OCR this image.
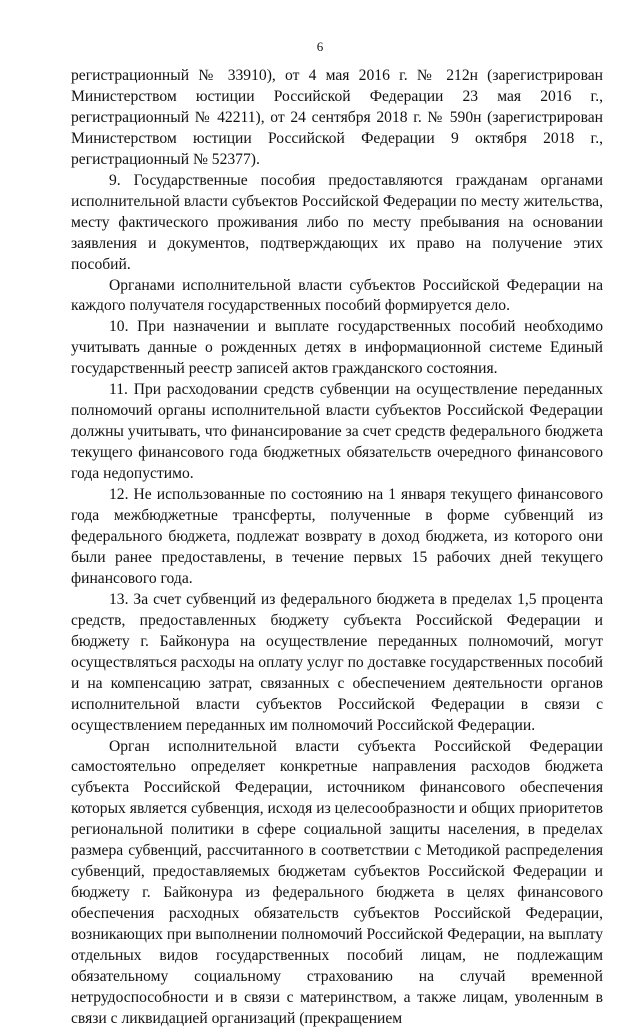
6

регистрационный № 33910), от 4 мая 2016 г. № 212н (зарегистрирован Министерством юстиции Российской Федерации 23 мая 2016 г., регистрационный № 42211), от 24 сентября 2018 г. № 590н (зарегистрирован Министерством юстиции Российской Федерации 9 октября 2018 г., регистрационный № 52377).

9. Государственные пособия предоставляются гражданам органами исполнительной власти субъектов Российской Федерации по месту жительства, месту фактического проживания либо по месту пребывания на основании заявления и документов, подтверждающих их право на получение этих пособий.

Органами исполнительной власти субъектов Российской Федерации на каждого получателя государственных пособий формируется дело.

10. При назначении и выплате государственных пособий необходимо учитывать данные о рожденных детях в информационной системе Единый государственный реестр записей актов гражданского состояния.

11. При расходовании средств субвенции на осуществление переданных полномочий органы исполнительной власти субъектов Российской Федерации должны учитывать, что финансирование за счет средств федерального бюджета текущего финансового года бюджетных обязательств очередного финансового года недопустимо.

12. Не использованные по состоянию на 1 января текущего финансового года межбюджетные трансферты, полученные в форме субвенций из федерального бюджета, подлежат возврату в доход бюджета, из которого они были ранее предоставлены, в течение первых 15 рабочих дней текущего финансового года.

13. За счет субвенций из федерального бюджета в пределах 1,5 процента средств, предоставленных бюджету субъекта Российской Федерации и бюджету г. Байконура на осуществление переданных полномочий, могут осуществляться расходы на оплату услуг по доставке государственных пособий и на компенсацию затрат, связанных с обеспечением деятельности органов исполнительной власти субъектов Российской Федерации в связи с осуществлением переданных им полномочий Российской Федерации.

Орган исполнительной власти субъекта Российской Федерации самостоятельно определяет конкретные направления расходов бюджета субъекта Российской Федерации, источником финансового обеспечения которых является субвенция, исходя из целесообразности и общих приоритетов региональной политики в сфере социальной защиты населения, в пределах размера субвенций, рассчитанного в соответствии с Методикой распределения субвенций, предоставляемых бюджетам субъектов Российской Федерации и бюджету г. Байконура из федерального бюджета в целях финансового обеспечения расходных обязательств субъектов Российской Федерации, возникающих при выполнении полномочий Российской Федерации, на выплату отдельных видов государственных пособий лицам, не подлежащим обязательному социальному страхованию на случай временной нетрудоспособности и в связи с материнством, а также лицам, уволенным в связи с ликвидацией организаций (прекращением
